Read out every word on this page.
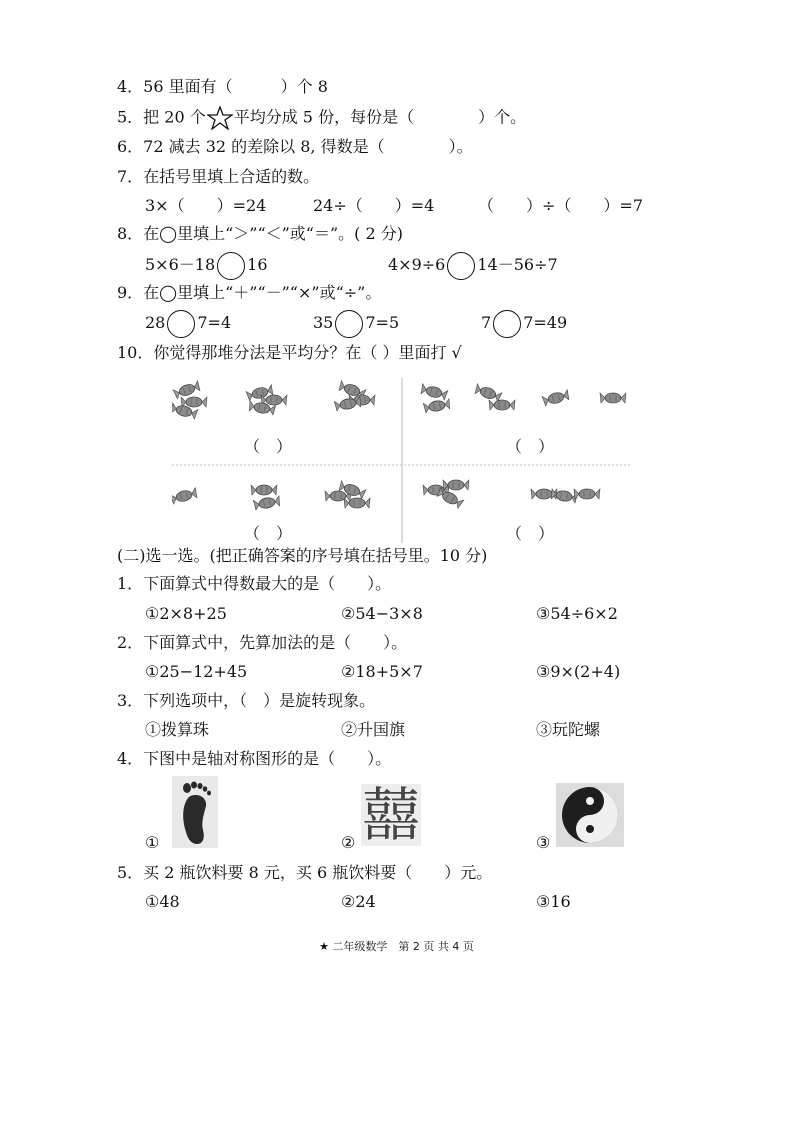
4．56 里面有（　　　）个 8
5．把 20 个 平均分成 5 份，每份是（　　　　）个。
6．72 减去 32 的差除以 8, 得数是（　　　　）。
7．在括号里填上合适的数。
3×（　　）=24	24÷（　　）=4	（　　）÷（　　）=7
8．在◯里填上“＞”“＜”或“＝”。( 2 分)
5×6－18 16	4×9÷6 14－56÷7
9．在◯里填上“＋”“－”“×”或“÷”。
28 7=4	35 7=5	7 7=49
10．你觉得那堆分法是平均分？在（ ）里面打 √
（　）	（　）
（　）	（　）
(二)选一选。(把正确答案的序号填在括号里。10 分)
1．下面算式中得数最大的是（　　）。
①2×8+25	②54−3×8	③54÷6×2
2．下面算式中，先算加法的是（　　）。
①25−12+45	②18+5×7	③9×(2+4)
3．下列选项中，（　）是旋转现象。
①拨算珠	②升国旗	③玩陀螺
4．下图中是轴对称图形的是（　　）。
①	② 囍	③
5．买 2 瓶饮料要 8 元，买 6 瓶饮料要（　　）元。
①48	②24	③16
★ 二年级数学　第 2 页 共 4 页
